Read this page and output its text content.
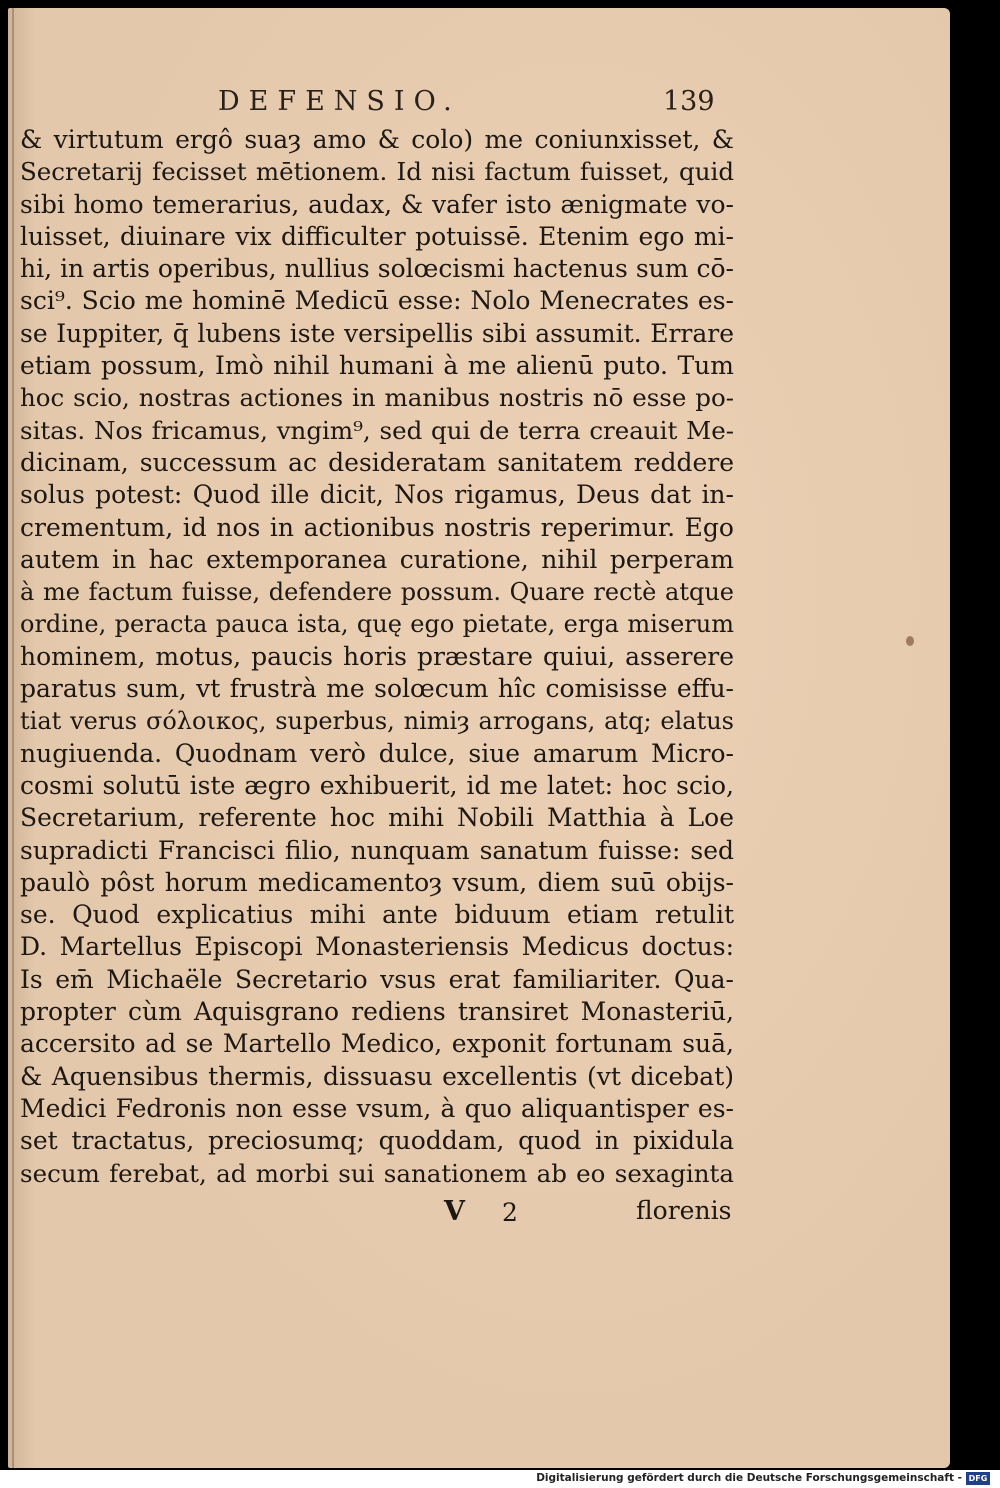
DEFENSIO.	139
& virtutum ergô suaȝ amo & colo) me coniunxisset, &
Secretarij fecisset mētionem. Id nisi factum fuisset, quid
sibi homo temerarius, audax, & vafer isto ænigmate vo-
luisset, diuinare vix difficulter potuissē. Etenim ego mi-
hi, in artis operibus, nullius solœcismi hactenus sum cō-
sci⁹. Scio me hominē Medicū esse: Nolo Menecrates es-
se Iuppiter, q̄ lubens iste versipellis sibi assumit. Errare
etiam possum, Imò nihil humani à me alienū puto. Tum
hoc scio, nostras actiones in manibus nostris nō esse po-
sitas. Nos fricamus, vngim⁹, sed qui de terra creauit Me-
dicinam, successum ac desideratam sanitatem reddere
solus potest: Quod ille dicit, Nos rigamus, Deus dat in-
crementum, id nos in actionibus nostris reperimur. Ego
autem in hac extemporanea curatione, nihil perperam
à me factum fuisse, defendere possum. Quare rectè atque
ordine, peracta pauca ista, quę ego pietate, erga miserum
hominem, motus, paucis horis præstare quiui, asserere
paratus sum, vt frustrà me solœcum hîc comisisse effu-
tiat verus σόλοικος, superbus, nimiȝ arrogans, atq; elatus
nugiuenda. Quodnam verò dulce, siue amarum Micro-
cosmi solutū iste ægro exhibuerit, id me latet: hoc scio,
Secretarium, referente hoc mihi Nobili Matthia à Loe
supradicti Francisci filio, nunquam sanatum fuisse: sed
paulò pôst horum medicamentoȝ vsum, diem suū obijs-
se. Quod explicatius mihi ante biduum etiam retulit
D. Martellus Episcopi Monasteriensis Medicus doctus:
Is em̄ Michaële Secretario vsus erat familiariter. Qua-
propter cùm Aquisgrano rediens transiret Monasteriū,
accersito ad se Martello Medico, exponit fortunam suā,
& Aquensibus thermis, dissuasu excellentis (vt dicebat)
Medici Fedronis non esse vsum, à quo aliquantisper es-
set tractatus, preciosumq; quoddam, quod in pixidula
secum ferebat, ad morbi sui sanationem ab eo sexaginta
V 2	florenis
Digitalisierung gefördert durch die Deutsche Forschungsgemeinschaft - DFG
